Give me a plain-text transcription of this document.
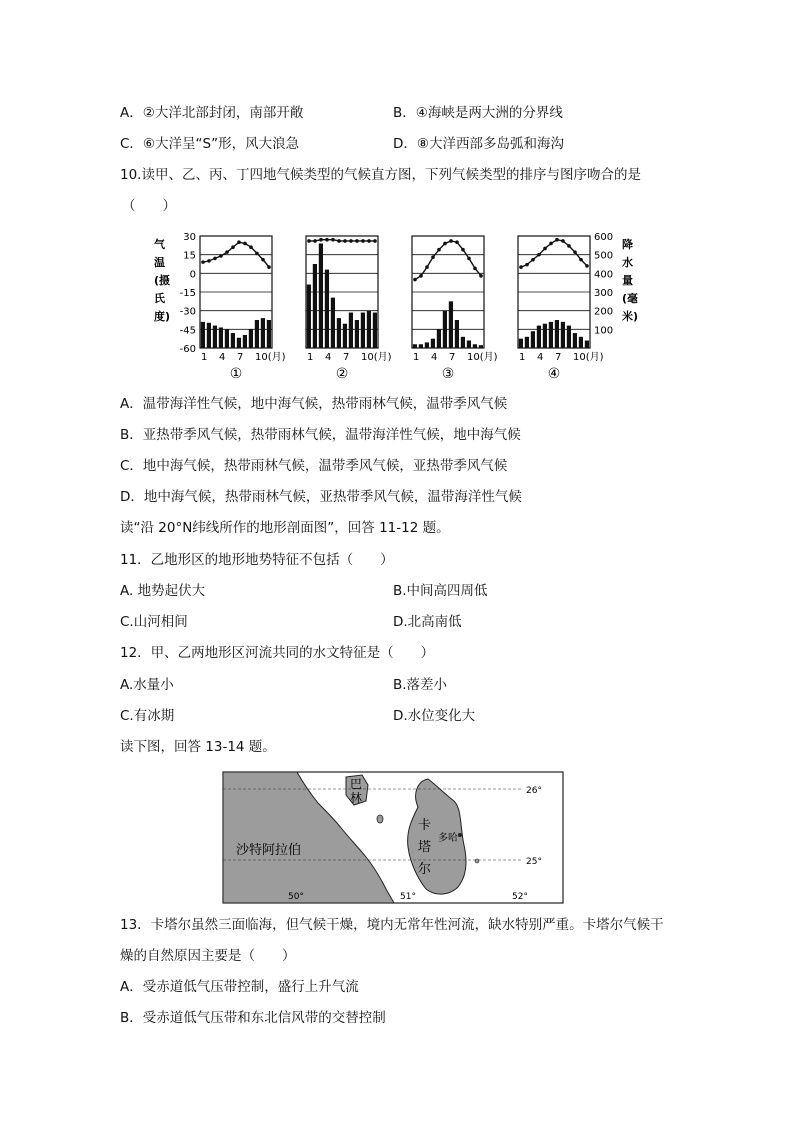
A．②大洋北部封闭，南部开敞	B．④海峡是两大洲的分界线
C．⑥大洋呈“S”形，风大浪急	D．⑧大洋西部多岛弧和海沟
10.读甲、乙、丙、丁四地气候类型的气候直方图，下列气候类型的排序与图序吻合的是
（　　）
气
温
(摄
氏
度)
30
15
0
-15
-30
-45
-60
600
500
400
300
200
100
降
水
量
(毫
米)
1 4 7 10(月)
①
1 4 7 10(月)
②
1 4 7 10(月)
③
1 4 7 10(月)
④
A．温带海洋性气候，地中海气候，热带雨林气候，温带季风气候
B．亚热带季风气候，热带雨林气候，温带海洋性气候，地中海气候
C．地中海气候，热带雨林气候，温带季风气候，亚热带季风气候
D．地中海气候，热带雨林气候，亚热带季风气候，温带海洋性气候
读“沿 20°N纬线所作的地形剖面图”，回答 11-12 题。
11．乙地形区的地形地势特征不包括（　　）
A. 地势起伏大	B.中间高四周低
C.山河相间	D.北高南低
12．甲、乙两地形区河流共同的水文特征是（　　）
A.水量小	B.落差小
C.有冰期	D.水位变化大
读下图，回答 13-14 题。
沙特阿拉伯
巴
林
卡
塔
尔
多哈
26°
25°
50°	51°	52°
13．卡塔尔虽然三面临海，但气候干燥，境内无常年性河流，缺水特别严重。卡塔尔气候干
燥的自然原因主要是（　　）
A．受赤道低气压带控制，盛行上升气流
B．受赤道低气压带和东北信风带的交替控制
